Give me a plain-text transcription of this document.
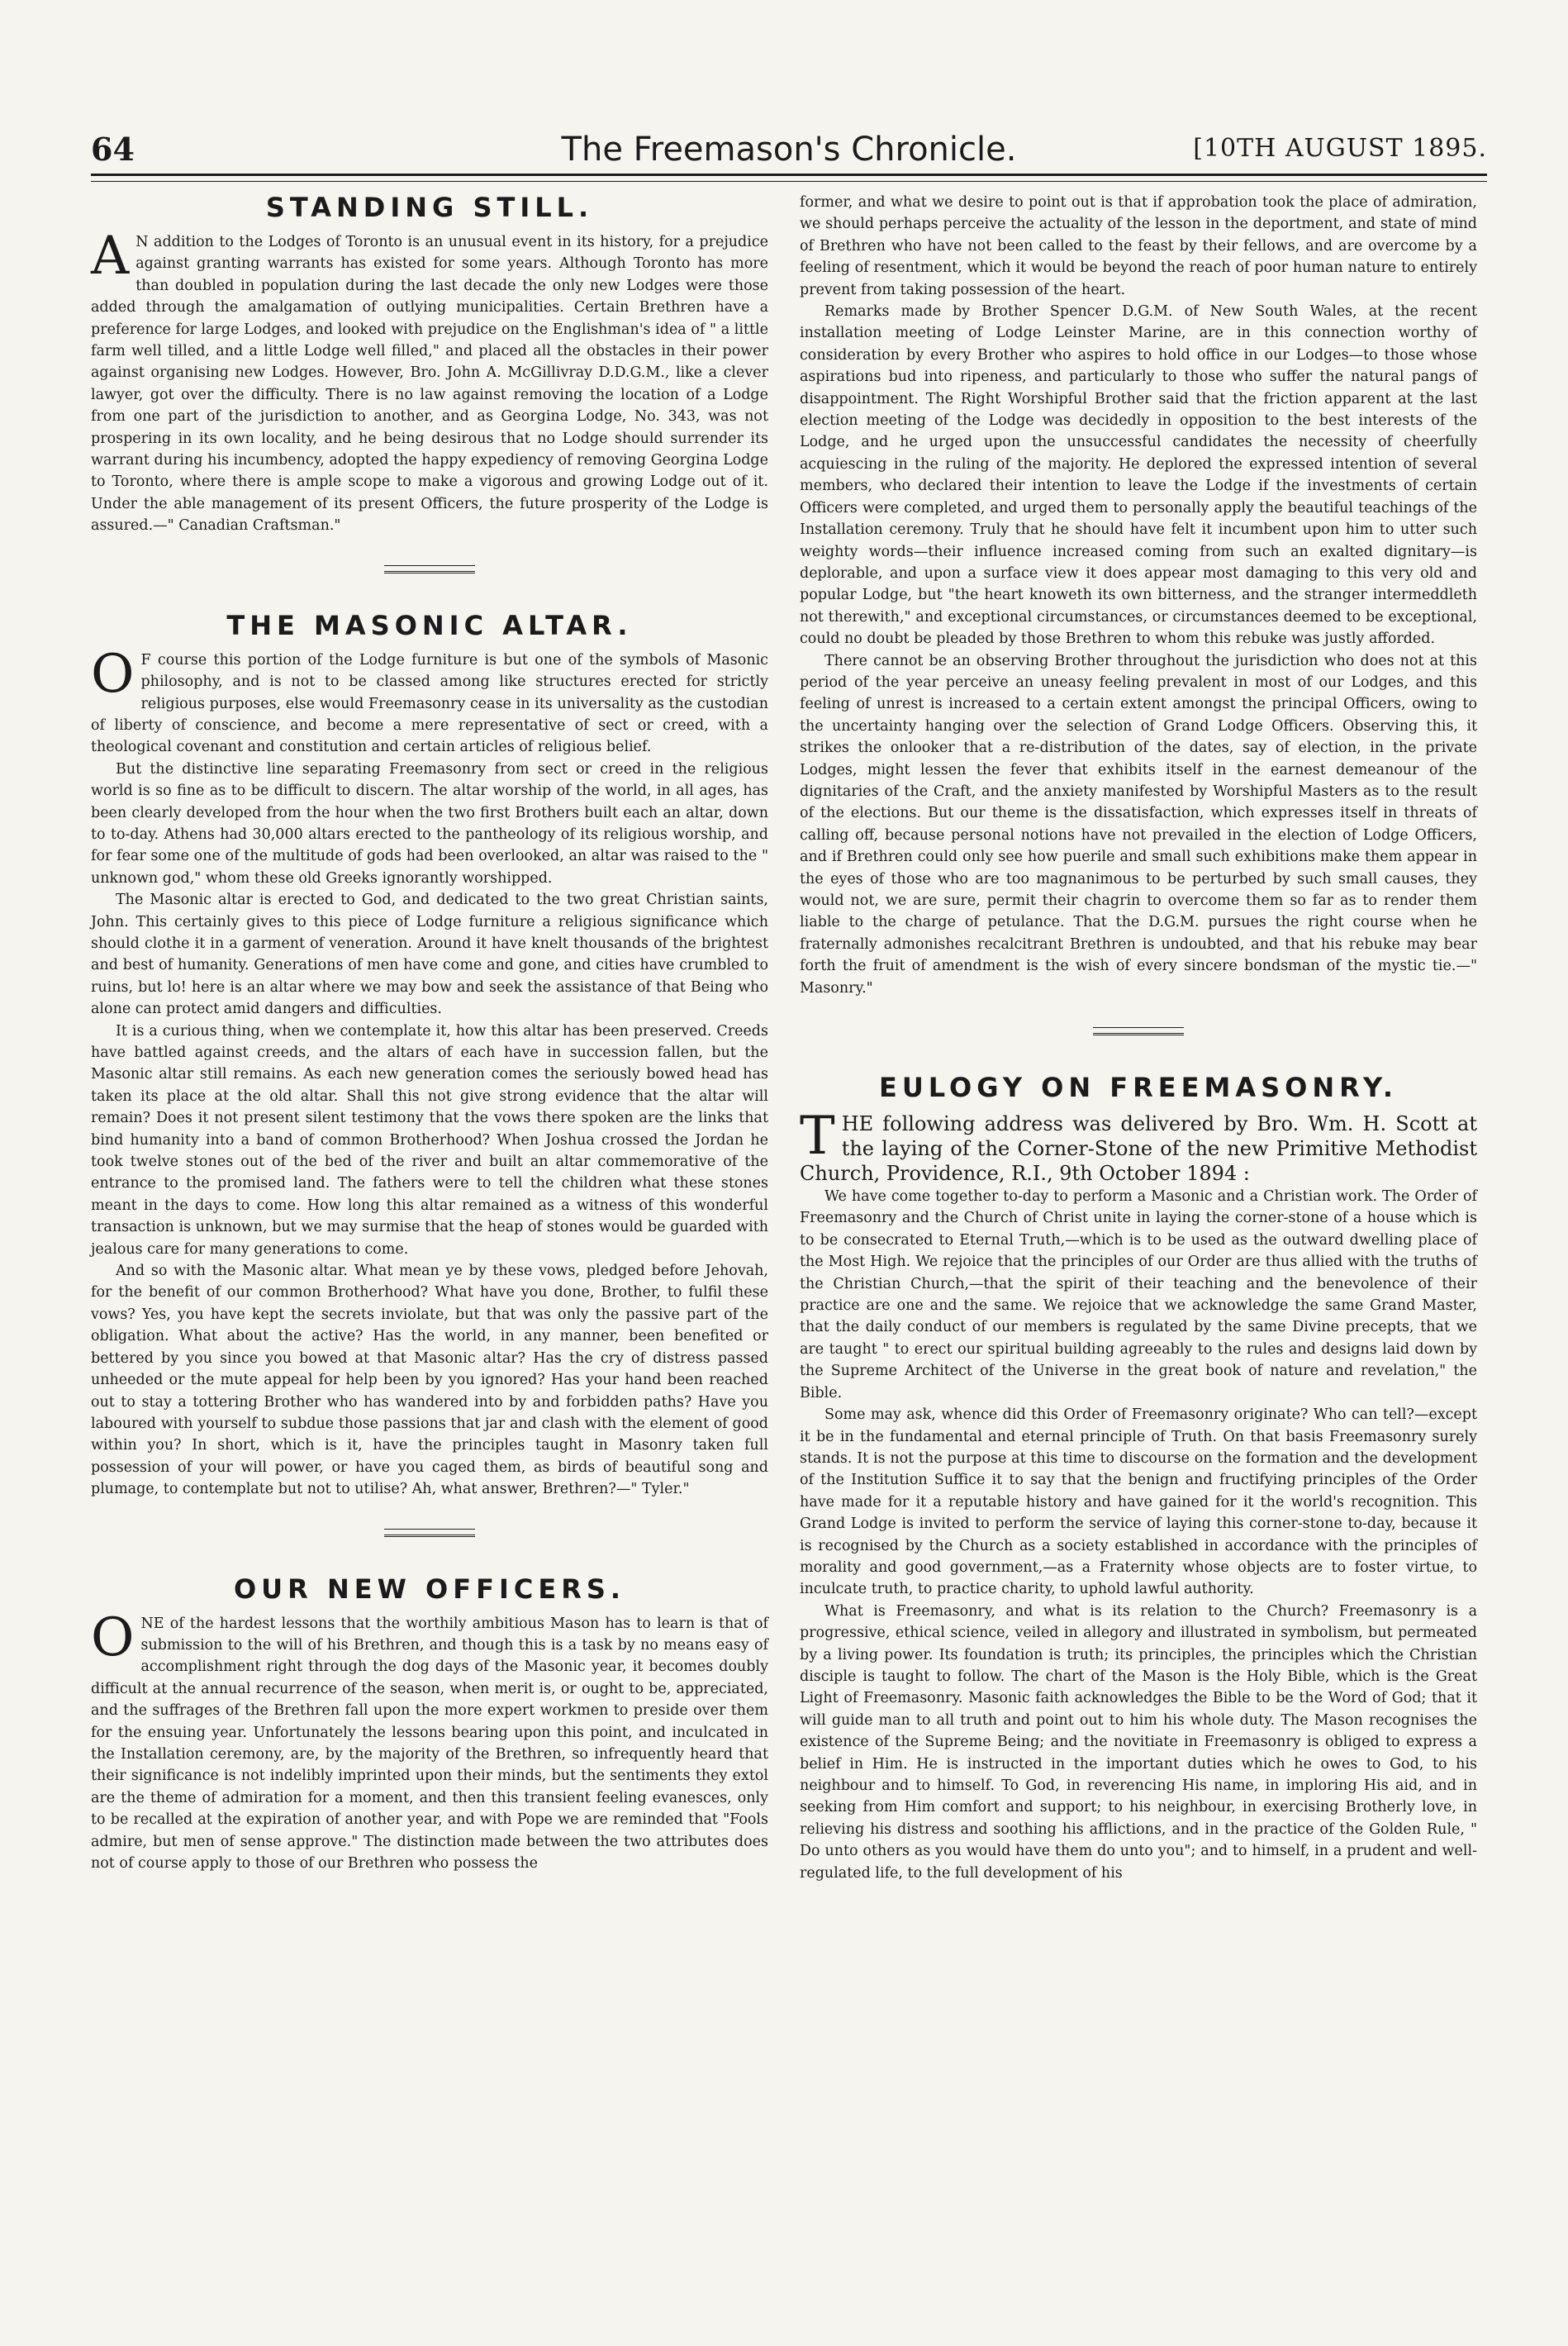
64	The Freemason's Chronicle.	[10TH AUGUST 1895.
STANDING STILL.

A N addition to the Lodges of Toronto is an unusual event in its history, for a prejudice against granting warrants has existed for some years. Although Toronto has more than doubled in population during the last decade the only new Lodges were those added through the amalgamation of outlying municipalities. Certain Brethren have a preference for large Lodges, and looked with prejudice on the Englishman's idea of " a little farm well tilled, and a little Lodge well filled," and placed all the obstacles in their power against organising new Lodges. However, Bro. John A. McGillivray D.D.G.M., like a clever lawyer, got over the difficulty. There is no law against removing the location of a Lodge from one part of the jurisdiction to another, and as Georgina Lodge, No. 343, was not prospering in its own locality, and he being desirous that no Lodge should surrender its warrant during his incumbency, adopted the happy expediency of removing Georgina Lodge to Toronto, where there is ample scope to make a vigorous and growing Lodge out of it. Under the able management of its present Officers, the future prosperity of the Lodge is assured.—" Canadian Craftsman."

THE MASONIC ALTAR.

O F course this portion of the Lodge furniture is but one of the symbols of Masonic philosophy, and is not to be classed among like structures erected for strictly religious purposes, else would Freemasonry cease in its universality as the custodian of liberty of conscience, and become a mere representative of sect or creed, with a theological covenant and constitution and certain articles of religious belief.

But the distinctive line separating Freemasonry from sect or creed in the religious world is so fine as to be difficult to discern. The altar worship of the world, in all ages, has been clearly developed from the hour when the two first Brothers built each an altar, down to to-day. Athens had 30,000 altars erected to the pantheology of its religious worship, and for fear some one of the multitude of gods had been overlooked, an altar was raised to the " unknown god," whom these old Greeks ignorantly worshipped.

The Masonic altar is erected to God, and dedicated to the two great Christian saints, John. This certainly gives to this piece of Lodge furniture a religious significance which should clothe it in a garment of veneration. Around it have knelt thousands of the brightest and best of humanity. Generations of men have come and gone, and cities have crumbled to ruins, but lo! here is an altar where we may bow and seek the assistance of that Being who alone can protect amid dangers and difficulties.

It is a curious thing, when we contemplate it, how this altar has been preserved. Creeds have battled against creeds, and the altars of each have in succession fallen, but the Masonic altar still remains. As each new generation comes the seriously bowed head has taken its place at the old altar. Shall this not give strong evidence that the altar will remain? Does it not present silent testimony that the vows there spoken are the links that bind humanity into a band of common Brotherhood? When Joshua crossed the Jordan he took twelve stones out of the bed of the river and built an altar commemorative of the entrance to the promised land. The fathers were to tell the children what these stones meant in the days to come. How long this altar remained as a witness of this wonderful transaction is unknown, but we may surmise that the heap of stones would be guarded with jealous care for many generations to come.

And so with the Masonic altar. What mean ye by these vows, pledged before Jehovah, for the benefit of our common Brotherhood? What have you done, Brother, to fulfil these vows? Yes, you have kept the secrets inviolate, but that was only the passive part of the obligation. What about the active? Has the world, in any manner, been benefited or bettered by you since you bowed at that Masonic altar? Has the cry of distress passed unheeded or the mute appeal for help been by you ignored? Has your hand been reached out to stay a tottering Brother who has wandered into by and forbidden paths? Have you laboured with yourself to subdue those passions that jar and clash with the element of good within you? In short, which is it, have the principles taught in Masonry taken full possession of your will power, or have you caged them, as birds of beautiful song and plumage, to contemplate but not to utilise? Ah, what answer, Brethren?—" Tyler."

OUR NEW OFFICERS.

ONE of the hardest lessons that the worthily ambitious Mason has to learn is that of submission to the will of his Brethren, and though this is a task by no means easy of accomplishment right through the dog days of the Masonic year, it becomes doubly difficult at the annual recurrence of the season, when merit is, or ought to be, appreciated, and the suffrages of the Brethren fall upon the more expert workmen to preside over them for the ensuing year. Unfortunately the lessons bearing upon this point, and inculcated in the Installation ceremony, are, by the majority of the Brethren, so infrequently heard that their significance is not indelibly imprinted upon their minds, but the sentiments they extol are the theme of admiration for a moment, and then this transient feeling evanesces, only to be recalled at the expiration of another year, and with Pope we are reminded that "Fools admire, but men of sense approve." The distinction made between the two attributes does not of course apply to those of our Brethren who possess the

former, and what we desire to point out is that if approbation took the place of admiration, we should perhaps perceive the actuality of the lesson in the deportment, and state of mind of Brethren who have not been called to the feast by their fellows, and are overcome by a feeling of resentment, which it would be beyond the reach of poor human nature to entirely prevent from taking possession of the heart.

Remarks made by Brother Spencer D.G.M. of New South Wales, at the recent installation meeting of Lodge Leinster Marine, are in this connection worthy of consideration by every Brother who aspires to hold office in our Lodges—to those whose aspirations bud into ripeness, and particularly to those who suffer the natural pangs of disappointment. The Right Worshipful Brother said that the friction apparent at the last election meeting of the Lodge was decidedly in opposition to the best interests of the Lodge, and he urged upon the unsuccessful candidates the necessity of cheerfully acquiescing in the ruling of the majority. He deplored the expressed intention of several members, who declared their intention to leave the Lodge if the investments of certain Officers were completed, and urged them to personally apply the beautiful teachings of the Installation ceremony. Truly that he should have felt it incumbent upon him to utter such weighty words—their influence increased coming from such an exalted dignitary—is deplorable, and upon a surface view it does appear most damaging to this very old and popular Lodge, but "the heart knoweth its own bitterness, and the stranger intermeddleth not therewith," and exceptional circumstances, or circumstances deemed to be exceptional, could no doubt be pleaded by those Brethren to whom this rebuke was justly afforded.

There cannot be an observing Brother throughout the jurisdiction who does not at this period of the year perceive an uneasy feeling prevalent in most of our Lodges, and this feeling of unrest is increased to a certain extent amongst the principal Officers, owing to the uncertainty hanging over the selection of Grand Lodge Officers. Observing this, it strikes the onlooker that a re-distribution of the dates, say of election, in the private Lodges, might lessen the fever that exhibits itself in the earnest demeanour of the dignitaries of the Craft, and the anxiety manifested by Worshipful Masters as to the result of the elections. But our theme is the dissatisfaction, which expresses itself in threats of calling off, because personal notions have not prevailed in the election of Lodge Officers, and if Brethren could only see how puerile and small such exhibitions make them appear in the eyes of those who are too magnanimous to be perturbed by such small causes, they would not, we are sure, permit their chagrin to overcome them so far as to render them liable to the charge of petulance. That the D.G.M. pursues the right course when he fraternally admonishes recalcitrant Brethren is undoubted, and that his rebuke may bear forth the fruit of amendment is the wish of every sincere bondsman of the mystic tie.—" Masonry."

EULOGY ON FREEMASONRY.

THE following address was delivered by Bro. Wm. H. Scott at the laying of the Corner-Stone of the new Primitive Methodist Church, Providence, R.I., 9th October 1894 :

We have come together to-day to perform a Masonic and a Christian work. The Order of Freemasonry and the Church of Christ unite in laying the corner-stone of a house which is to be consecrated to Eternal Truth,—which is to be used as the outward dwelling place of the Most High. We rejoice that the principles of our Order are thus allied with the truths of the Christian Church,—that the spirit of their teaching and the benevolence of their practice are one and the same. We rejoice that we acknowledge the same Grand Master, that the daily conduct of our members is regulated by the same Divine precepts, that we are taught " to erect our spiritual building agreeably to the rules and designs laid down by the Supreme Architect of the Universe in the great book of nature and revelation," the Bible.

Some may ask, whence did this Order of Freemasonry originate? Who can tell?—except it be in the fundamental and eternal principle of Truth. On that basis Freemasonry surely stands. It is not the purpose at this time to discourse on the formation and the development of the Institution Suffice it to say that the benign and fructifying principles of the Order have made for it a reputable history and have gained for it the world's recognition. This Grand Lodge is invited to perform the service of laying this corner-stone to-day, because it is recognised by the Church as a society established in accordance with the principles of morality and good government,—as a Fraternity whose objects are to foster virtue, to inculcate truth, to practice charity, to uphold lawful authority.

What is Freemasonry, and what is its relation to the Church? Freemasonry is a progressive, ethical science, veiled in allegory and illustrated in symbolism, but permeated by a living power. Its foundation is truth; its principles, the principles which the Christian disciple is taught to follow. The chart of the Mason is the Holy Bible, which is the Great Light of Freemasonry. Masonic faith acknowledges the Bible to be the Word of God; that it will guide man to all truth and point out to him his whole duty. The Mason recognises the existence of the Supreme Being; and the novitiate in Freemasonry is obliged to express a belief in Him. He is instructed in the important duties which he owes to God, to his neighbour and to himself. To God, in reverencing His name, in imploring His aid, and in seeking from Him comfort and support; to his neighbour, in exercising Brotherly love, in relieving his distress and soothing his afflictions, and in the practice of the Golden Rule, " Do unto others as you would have them do unto you"; and to himself, in a prudent and well-regulated life, to the full development of his
